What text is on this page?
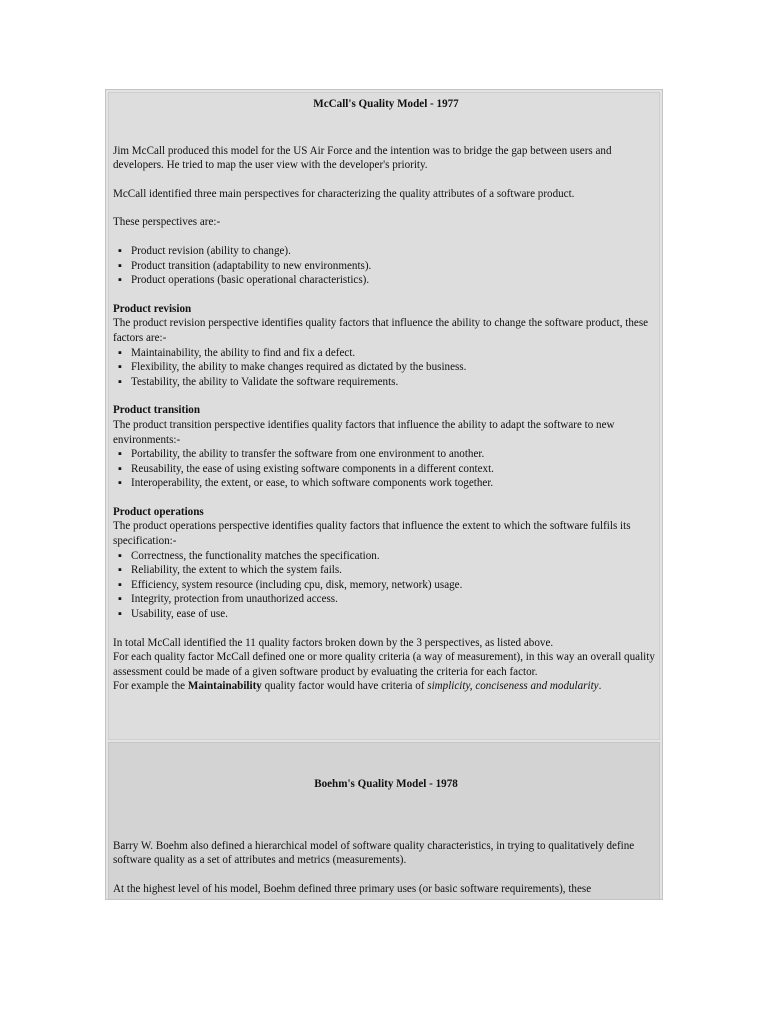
McCall's Quality Model - 1977

Jim McCall produced this model for the US Air Force and the intention was to bridge the gap between users and developers. He tried to map the user view with the developer's priority.

McCall identified three main perspectives for characterizing the quality attributes of a software product.

These perspectives are:-

▪ Product revision (ability to change).
▪ Product transition (adaptability to new environments).
▪ Product operations (basic operational characteristics).

Product revision

The product revision perspective identifies quality factors that influence the ability to change the software product, these factors are:-

▪ Maintainability, the ability to find and fix a defect.
▪ Flexibility, the ability to make changes required as dictated by the business.
▪ Testability, the ability to Validate the software requirements.

Product transition

The product transition perspective identifies quality factors that influence the ability to adapt the software to new environments:-

▪ Portability, the ability to transfer the software from one environment to another.
▪ Reusability, the ease of using existing software components in a different context.
▪ Interoperability, the extent, or ease, to which software components work together.

Product operations

The product operations perspective identifies quality factors that influence the extent to which the software fulfils its specification:-

▪ Correctness, the functionality matches the specification.
▪ Reliability, the extent to which the system fails.
▪ Efficiency, system resource (including cpu, disk, memory, network) usage.
▪ Integrity, protection from unauthorized access.
▪ Usability, ease of use.

In total McCall identified the 11 quality factors broken down by the 3 perspectives, as listed above.

For each quality factor McCall defined one or more quality criteria (a way of measurement), in this way an overall quality assessment could be made of a given software product by evaluating the criteria for each factor.

For example the Maintainability quality factor would have criteria of simplicity, conciseness and modularity.

Boehm's Quality Model - 1978

Barry W. Boehm also defined a hierarchical model of software quality characteristics, in trying to qualitatively define software quality as a set of attributes and metrics (measurements).

At the highest level of his model, Boehm defined three primary uses (or basic software requirements), these
